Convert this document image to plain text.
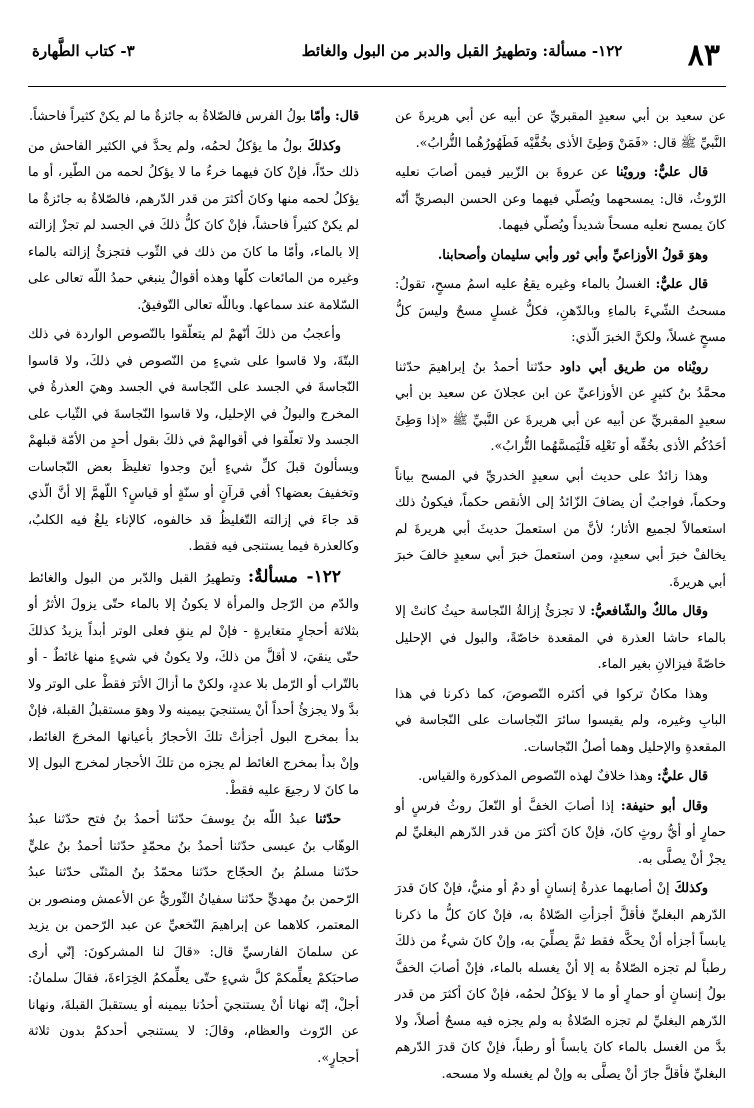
٨٣
١٢٢- مسألة: وتطهيرُ القبل والدبر من البول والغائط
٣- كتاب الطَّهارة

عن سعيد بن أبي سعيدٍ المقبريِّ عن أبيه عن أبي هريرةَ عن النَّبيِّ ﷺ قال: «فَمَنْ وَطِئَ الأذى بخُفَّيْه فَطَهُورُهُما التُّرابُ».

قال عليٌّ: ورويْنا عن عروةَ بن الزّبير فيمن أصابَ نعليه الرّوثُ، قال: يمسحهما ويُصلّي فيهما وعن الحسن البصريِّ أنّه كانَ يمسح نعليه مسحاً شديداً ويُصلّي فيهما.

وهوَ قولُ الأوزاعيِّ وأبي ثور وأبي سليمان وأصحابنا.

قال عليٌّ: الغسلُ بالماء وغيره يقعُ عليه اسمُ مسحٍ، تقولُ: مسحتُ الشّيءَ بالماءِ وبالدّهنِ، فكلُّ غسلٍ مسحٌ وليسَ كلُّ مسحٍ غسلاً، ولكنَّ الخبرَ الّذي:

رويْناه من طريق أبي داود حدّثنا أحمدُ بنُ إبراهيمَ حدّثنا محمَّدُ بنُ كثيرٍ عن الأوزاعيِّ عن ابن عجلانَ عن سعيد بن أبي سعيدٍ المقبريِّ عن أبيه عن أبي هريرةَ عن النَّبيِّ ﷺ «إذا وَطِئَ أحَدُكُم الأذى بخُفِّه أو نَعْلِه فَلْيَمسَّهُما التُّرابُ».

وهذا زائدٌ على حديث أبي سعيدٍ الخدريِّ في المسح بياناً وحكماً، فواجبٌ أن يضافَ الزّائدُ إلى الأنقص حكماً، فيكونُ ذلك استعمالاً لجميع الأثار؛ لأنَّ من استعملَ حديثَ أبي هريرةَ لم يخالفْ خبرَ أبي سعيدٍ، ومن استعملَ خبرَ أبي سعيدٍ خالفَ خبرَ أبي هريرةَ.

وقال مالكٌ والشّافعيُّ: لا تجزئُ إزالةُ النّجاسة حيثُ كانتْ إلا بالماء حاشا العذرة في المقعدة خاصّةً، والبول في الإحليل خاصّةً فيزالانِ بغير الماء.

وهذا مكانٌ تركوا في أكثره النّصوصَ، كما ذكرنا في هذا البابِ وغيره، ولم يقيسوا سائرَ النّجاسات على النّجاسة في المقعدةِ والإحليل وهما أصلُ النّجاسات.

قال عليٌّ: وهذا خلافٌ لهذه النّصوص المذكورة والقياس.

وقال أبو حنيفة: إذا أصابَ الخفَّ أو النّعلَ روثُ فرسٍ أو حمارٍ أو أيُّ روثٍ كانَ، فإنْ كانَ أكثرَ من قدر الدّرهم البغليِّ لم يجزْ أنْ يصلَّى به.

وكذلكَ إنْ أصابهما عذرةُ إنسانٍ أو دمٌ أو منيٌّ، فإنْ كانَ قدرَ الدّرهم البغليِّ فأقلَّ أجزأتِ الصّلاةُ به، فإنْ كانَ كلُّ ما ذكرنا يابساً أجزأه أنْ يحكَّه فقط ثمَّ يصلِّيَ به، وإنْ كانَ شيءٌ من ذلكَ رطباً لم تجزه الصّلاةُ به إلا أنْ يغسله بالماء، فإنْ أصابَ الخفَّ بولُ إنسانٍ أو حمارٍ أو ما لا يؤكلُ لحمُه، فإنْ كانَ أكثرَ من قدر الدّرهم البغليِّ لم تجزه الصّلاةُ به ولم يجزه فيه مسحٌ أصلاً، ولا بدَّ من الغسل بالماء كانَ يابساً أو رطباً، فإنْ كانَ قدرَ الدّرهم البغليِّ فأقلَّ جازَ أنْ يصلَّى به وإنْ لم يغسله ولا مسحه.

قال: وأمّا بولُ الفرس فالصّلاةُ به جائزةٌ ما لم يكنْ كثيراً فاحشاً.

وكذلكَ بولُ ما يؤكلُ لحمُه، ولم يحدَّ في الكثير الفاحش من ذلك حدّاً، فإنْ كانَ فيهما خرءُ ما لا يؤكلُ لحمه من الطّير، أو ما يؤكلُ لحمه منها وكانَ أكثرَ من قدر الدّرهم، فالصّلاةُ به جائزةٌ ما لم يكنْ كثيراً فاحشاً، فإنْ كانَ كلُّ ذلكَ في الجسد لم تجزْ إزالته إلا بالماء، وأمّا ما كانَ من ذلك في الثّوب فتجزئُ إزالته بالماء وغيره من المائعات كلّها وهذه أقوالٌ ينبغي حمدُ اللّه تعالى على السّلامة عند سماعها. وباللّه تعالى التّوفيقُ.

وأعجبُ من ذلكَ أنّهمْ لم يتعلّقوا بالنّصوص الواردة في ذلك البتّةَ، ولا قاسوا على شيءٍ من النّصوص في ذلكَ، ولا قاسوا النّجاسةَ في الجسد على النّجاسة في الجسد وهيَ العذرةُ في المخرج والبولُ في الإحليل، ولا قاسوا النّجاسةَ في الثّياب على الجسد ولا تعلّقوا في أقوالهمْ في ذلكَ بقول أحدٍ من الأمّة قبلهمْ ويسألونَ قبلَ كلِّ شيءٍ أينَ وجدوا تغليظَ بعض النّجاسات وتخفيفَ بعضها؟ أفي قرآنٍ أو سنّةٍ أو قياسٍ؟ اللّهمَّ إلا أنَّ الّذي قد جاءَ في إزالته التّغليظُ قد خالفوه، كالإناء يلغُ فيه الكلبُ، وكالعذرة فيما يستنجى فيه فقط.

١٢٢- مسألةٌ: وتطهيرُ القبل والدّبر من البول والغائط والدّم من الرّجل والمرأة لا يكونُ إلا بالماء حتّى يزولَ الأثرُ أو بثلاثة أحجارٍ متغايرةٍ - فإنْ لم ينقِ فعلى الوتر أبداً يزيدُ كذلكَ حتّى ينقيَ، لا أقلَّ من ذلكَ، ولا يكونُ في شيءٍ منها غائطٌ - أو بالتّراب أو الرّمل بلا عددٍ، ولكنْ ما أزالَ الأثرَ فقطْ على الوتر ولا بدَّ ولا يجزئُ أحداً أنْ يستنجيَ بيمينه ولا وهوَ مستقبلُ القبلة، فإنْ بدأ بمخرج البول أجزأتْ تلكَ الأحجارُ بأعيانها المخرجَ الغائط، وإنْ بدأ بمخرج الغائط لم يجزه من تلكَ الأحجار لمخرج البول إلا ما كانَ لا رجيعَ عليه فقطْ.

حدّثنا عبدُ اللّه بنُ يوسفَ حدّثنا أحمدُ بنُ فتح حدّثنا عبدُ الوهّاب بنُ عيسى حدّثنا أحمدُ بنُ محمّدٍ حدّثنا أحمدُ بنُ عليٍّ حدّثنا مسلمُ بنُ الحجّاج حدّثنا محمّدُ بنُ المثنّى حدّثنا عبدُ الرّحمن بنُ مهديٍّ حدّثنا سفيانُ الثّوريُّ عن الأعمش ومنصور بن المعتمر، كلاهما عن إبراهيمَ النّخعيِّ عن عبد الرّحمن بن يزيد عن سلمانَ الفارسيِّ قال: «قالَ لنا المشركونَ: إنّي أرى صاحبَكمْ يعلِّمكمْ كلَّ شيءٍ حتّى يعلِّمكمُ الخِرَاءةَ، فقالَ سلمانُ: أجلْ، إنّه نهانا أنْ يستنجيَ أحدُنا بيمينه أو يستقبلَ القبلةَ، ونهانا عن الرّوث والعظام، وقالَ: لا يستنجي أحدكمْ بدون ثلاثة أحجارٍ».
